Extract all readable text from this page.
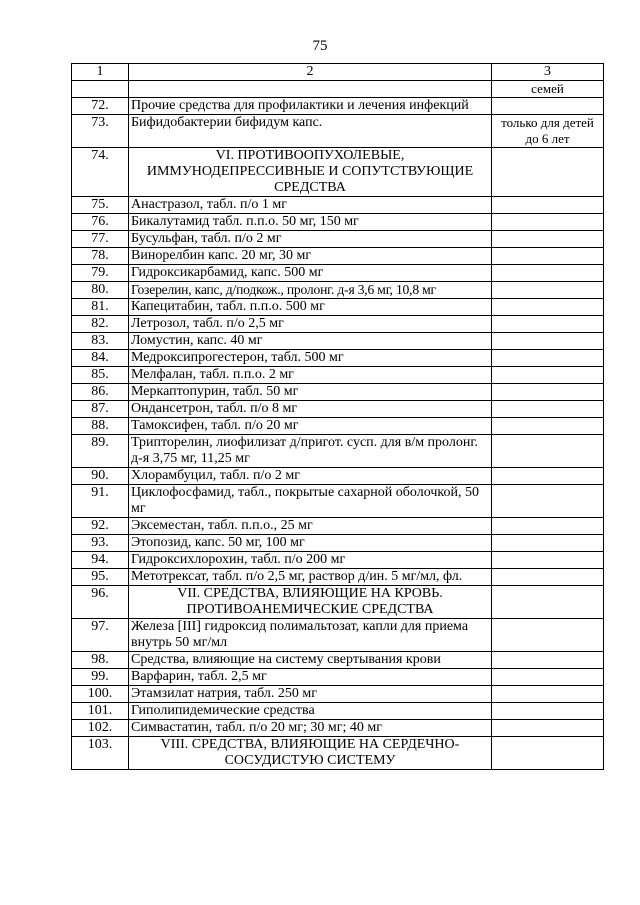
75
1	2	3
		семей
72.	Прочие средства для профилактики и лечения инфекций	
73.	Бифидобактерии бифидум капс.	только для детей до 6 лет
74.	VI. ПРОТИВООПУХОЛЕВЫЕ, ИММУНОДЕПРЕССИВНЫЕ И СОПУТСТВУЮЩИЕ СРЕДСТВА	
75.	Анастразол, табл. п/о 1 мг	
76.	Бикалутамид табл. п.п.о. 50 мг, 150 мг	
77.	Бусульфан, табл. п/о 2 мг	
78.	Винорелбин капс. 20 мг, 30 мг	
79.	Гидроксикарбамид, капс. 500 мг	
80.	Гозерелин, капс, д/подкож., пролонг. д-я 3,6 мг, 10,8 мг	
81.	Капецитабин, табл. п.п.о. 500 мг	
82.	Летрозол, табл. п/о 2,5 мг	
83.	Ломустин, капс. 40 мг	
84.	Медроксипрогестерон, табл. 500 мг	
85.	Мелфалан, табл. п.п.о. 2 мг	
86.	Меркаптопурин, табл. 50 мг	
87.	Ондансетрон, табл. п/о 8 мг	
88.	Тамоксифен, табл. п/о 20 мг	
89.	Трипторелин, лиофилизат д/пригот. сусп. для в/м пролонг. д-я 3,75 мг, 11,25 мг	
90.	Хлорамбуцил, табл. п/о 2 мг	
91.	Циклофосфамид, табл., покрытые сахарной оболочкой, 50 мг	
92.	Эксеместан, табл. п.п.о., 25 мг	
93.	Этопозид, капс. 50 мг, 100 мг	
94.	Гидроксихлорохин, табл. п/о 200 мг	
95.	Метотрексат, табл. п/о 2,5 мг, раствор д/ин. 5 мг/мл, фл.	
96.	VII. СРЕДСТВА, ВЛИЯЮЩИЕ НА КРОВЬ. ПРОТИВОАНЕМИЧЕСКИЕ СРЕДСТВА	
97.	Железа [III] гидроксид полимальтозат, капли для приема внутрь 50 мг/мл	
98.	Средства, влияющие на систему свертывания крови	
99.	Варфарин, табл. 2,5 мг	
100.	Этамзилат натрия, табл. 250 мг	
101.	Гиполипидемические средства	
102.	Симвастатин, табл. п/о 20 мг; 30 мг; 40 мг	
103.	VIII. СРЕДСТВА, ВЛИЯЮЩИЕ НА СЕРДЕЧНО-СОСУДИСТУЮ СИСТЕМУ	
